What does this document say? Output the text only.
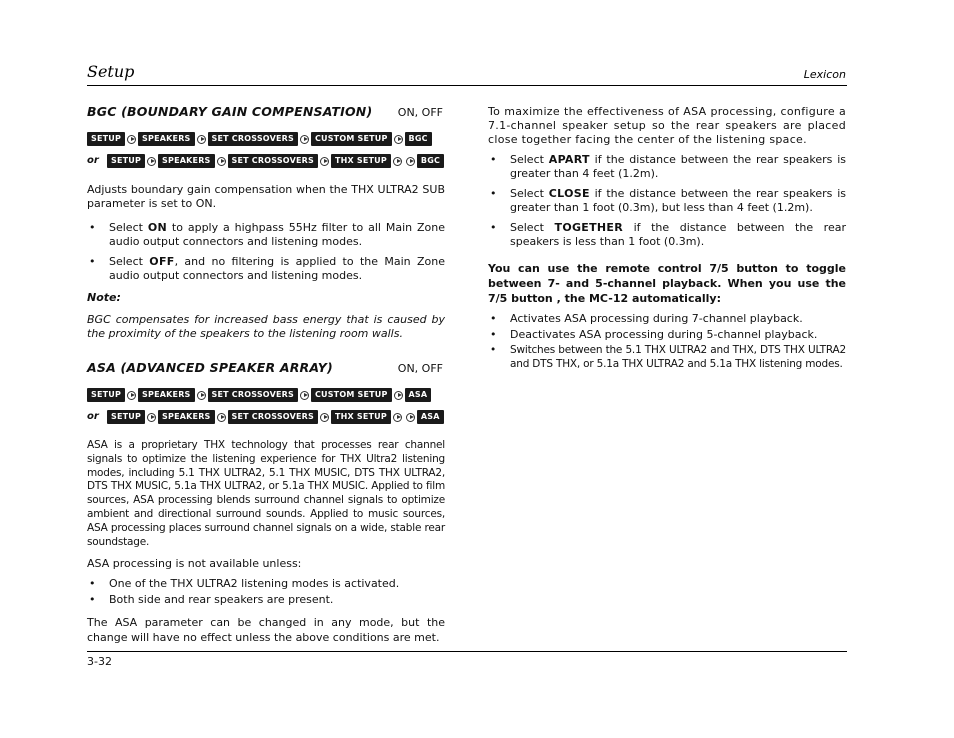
Setup	Lexicon
BGC (BOUNDARY GAIN COMPENSATION) ON, OFF
SETUP	SPEAKERS	SET CROSSOVERS	CUSTOM SETUP	BGC
or	SETUP	SPEAKERS	SET CROSSOVERS	THX SETUP	BGC

Adjusts boundary gain compensation when the THX ULTRA2 SUB parameter is set to ON.

• Select ON to apply a highpass 55Hz filter to all Main Zone audio output connectors and listening modes.
• Select OFF, and no filtering is applied to the Main Zone audio output connectors and listening modes.
Note:

BGC compensates for increased bass energy that is caused by the proximity of the speakers to the listening room walls.

ASA (ADVANCED SPEAKER ARRAY)	ON, OFF
SETUP	SPEAKERS	SET CROSSOVERS	CUSTOM SETUP	ASA
or	SETUP	SPEAKERS	SET CROSSOVERS	THX SETUP	ASA

ASA is a proprietary THX technology that processes rear channel signals to optimize the listening experience for THX Ultra2 listening modes, including 5.1 THX ULTRA2, 5.1 THX MUSIC, DTS THX ULTRA2, DTS THX MUSIC, 5.1a THX ULTRA2, or 5.1a THX MUSIC. Applied to film sources, ASA processing blends surround channel signals to optimize ambient and directional surround sounds. Applied to music sources, ASA processing places surround channel signals on a wide, stable rear soundstage.

ASA processing is not available unless:

• One of the THX ULTRA2 listening modes is activated.
• Both side and rear speakers are present.

The ASA parameter can be changed in any mode, but the change will have no effect unless the above conditions are met.

To maximize the effectiveness of ASA processing, configure a 7.1-channel speaker setup so the rear speakers are placed close together facing the center of the listening space.

• Select APART if the distance between the rear speakers is greater than 4 feet (1.2m).
• Select CLOSE if the distance between the rear speakers is greater than 1 foot (0.3m), but less than 4 feet (1.2m).
• Select TOGETHER if the distance between the rear speakers is less than 1 foot (0.3m).

You can use the remote control 7/5 button to toggle between 7- and 5-channel playback. When you use the 7/5 button , the MC-12 automatically:

• Activates ASA processing during 7-channel playback.
• Deactivates ASA processing during 5-channel playback.
• Switches between the 5.1 THX ULTRA2 and THX, DTS THX ULTRA2 and DTS THX, or 5.1a THX ULTRA2 and 5.1a THX listening modes.
3-32
